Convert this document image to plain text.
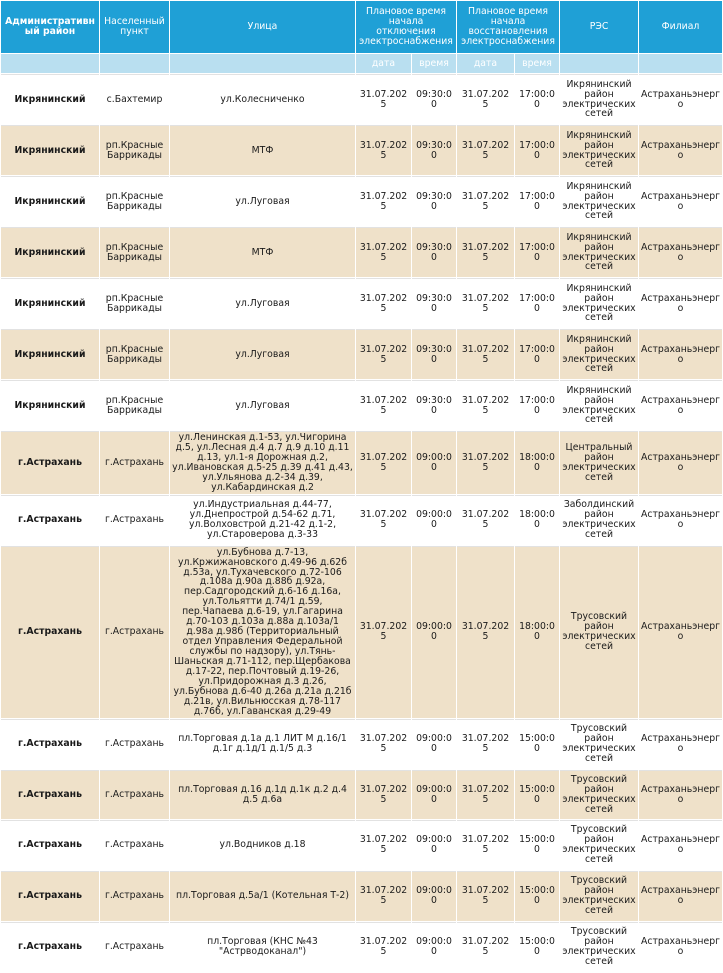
Административный район	Населенный пункт	Улица	Плановое время начала отключения электроснабжения		Плановое время начала восстановления электроснабжения		РЭС	Филиал
			дата	время	дата	время		
Икрянинский	с.Бахтемир	ул.Колесниченко	31.07.2025	09:30:00	31.07.2025	17:00:00	Икрянинский район электрических сетей	Астраханьэнерго
Икрянинский	рп.Красные Баррикады	МТФ	31.07.2025	09:30:00	31.07.2025	17:00:00	Икрянинский район электрических сетей	Астраханьэнерго
Икрянинский	рп.Красные Баррикады	ул.Луговая	31.07.2025	09:30:00	31.07.2025	17:00:00	Икрянинский район электрических сетей	Астраханьэнерго
Икрянинский	рп.Красные Баррикады	МТФ	31.07.2025	09:30:00	31.07.2025	17:00:00	Икрянинский район электрических сетей	Астраханьэнерго
Икрянинский	рп.Красные Баррикады	ул.Луговая	31.07.2025	09:30:00	31.07.2025	17:00:00	Икрянинский район электрических сетей	Астраханьэнерго
Икрянинский	рп.Красные Баррикады	ул.Луговая	31.07.2025	09:30:00	31.07.2025	17:00:00	Икрянинский район электрических сетей	Астраханьэнерго
Икрянинский	рп.Красные Баррикады	ул.Луговая	31.07.2025	09:30:00	31.07.2025	17:00:00	Икрянинский район электрических сетей	Астраханьэнерго
г.Астрахань	г.Астрахань	ул.Ленинская д.1-53, ул.Чигорина д.5, ул.Лесная д.4 д.7 д.9 д.10 д.11 д.13, ул.1-я Дорожная д.2, ул.Ивановская д.5-25 д.39 д.41 д.43, ул.Ульянова д.2-34 д.39, ул.Кабардинская д.2	31.07.2025	09:00:00	31.07.2025	18:00:00	Центральный район электрических сетей	Астраханьэнерго
г.Астрахань	г.Астрахань	ул.Индустриальная д.44-77, ул.Днепрострой д.54-62 д.71, ул.Волховстрой д.21-42 д.1-2, ул.Староверова д.3-33	31.07.2025	09:00:00	31.07.2025	18:00:00	Заболдинский район электрических сетей	Астраханьэнерго
г.Астрахань	г.Астрахань	ул.Бубнова д.7-13, ул.Кржижановского д.49-96 д.62б д.53а, ул.Тухачевского д.72-106 д.108а д.90а д.88б д.92а, пер.Садгородский д.6-16 д.16а, ул.Тольятти д.74/1 д.59, пер.Чапаева д.6-19, ул.Гагарина д.70-103 д.103а д.88а д.103а/1 д.98а д.98б (Территориальный отдел Управления Федеральной службы по надзору), ул.Тянь-Шаньская д.71-112, пер.Щербакова д.17-22, пер.Почтовый д.19-26, ул.Придорожная д.3 д.26, ул.Бубнова д.6-40 д.26а д.21а д.21б д.21в, ул.Вильнюсская д.78-117 д.76б, ул.Гаванская д.29-49	31.07.2025	09:00:00	31.07.2025	18:00:00	Трусовский район электрических сетей	Астраханьэнерго
г.Астрахань	г.Астрахань	пл.Торговая д.1а д.1 ЛИТ М д.16/1 д.1г д.1д/1 д.1/5 д.3	31.07.2025	09:00:00	31.07.2025	15:00:00	Трусовский район электрических сетей	Астраханьэнерго
г.Астрахань	г.Астрахань	пл.Торговая д.16 д.1д д.1к д.2 д.4 д.5 д.6а	31.07.2025	09:00:00	31.07.2025	15:00:00	Трусовский район электрических сетей	Астраханьэнерго
г.Астрахань	г.Астрахань	ул.Водников д.18	31.07.2025	09:00:00	31.07.2025	15:00:00	Трусовский район электрических сетей	Астраханьэнерго
г.Астрахань	г.Астрахань	пл.Торговая д.5а/1 (Котельная Т-2)	31.07.2025	09:00:00	31.07.2025	15:00:00	Трусовский район электрических сетей	Астраханьэнерго
г.Астрахань	г.Астрахань	пл.Торговая (КНС №43 "Астрводоканал")	31.07.2025	09:00:00	31.07.2025	15:00:00	Трусовский район электрических сетей	Астраханьэнерго
